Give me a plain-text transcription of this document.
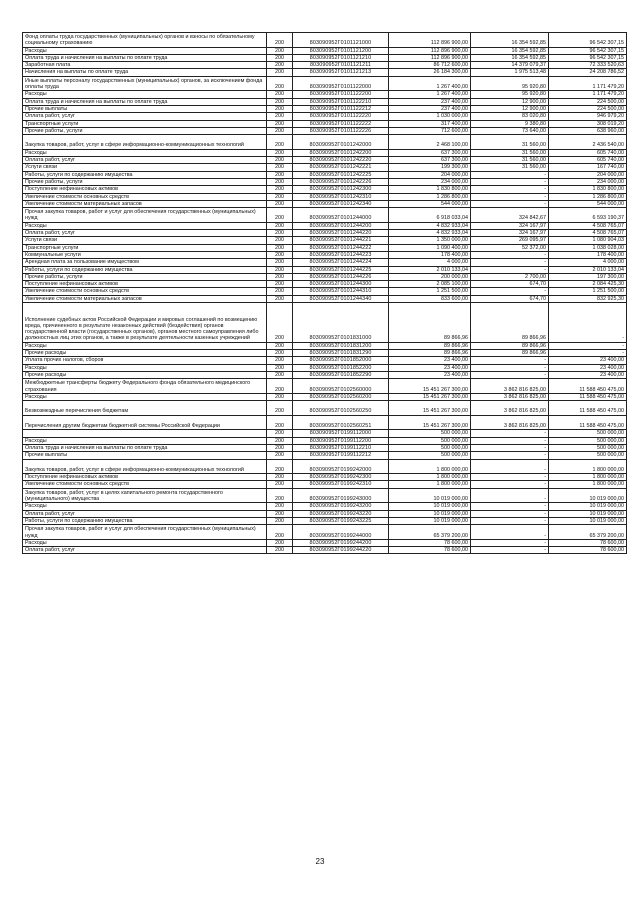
Фонд оплаты труда государственных (муниципальных) органов и взносы по обязательному социальному страхованию	200	803090952Г0101121000	112 896 900,00	16 354 592,85	96 542 307,15
Расходы	200	803090952Г0101121200	112 896 900,00	16 354 592,85	96 542 307,15
Оплата труда и начисления на выплаты по оплате труда	200	803090952Г0101121210	112 896 900,00	16 354 592,85	96 542 307,15
Заработная плата	200	803090952Г0101121211	86 712 600,00	14 379 079,37	72 333 520,63
Начисления на выплаты по оплате труда	200	803090952Г0101121213	26 184 300,00	1 975 513,48	24 208 786,52
Иные выплаты персоналу государственных (муниципальных) органов, за исключением фонда оплаты труда	200	803090952Г0101122000	1 267 400,00	95 920,80	1 171 479,20
Расходы	200	803090952Г0101122200	1 267 400,00	95 920,80	1 171 479,20
Оплата труда и начисления на выплаты по оплате труда	200	803090952Г0101122210	237 400,00	12 900,00	224 500,00
Прочие выплаты	200	803090952Г0101122212	237 400,00	12 900,00	224 500,00
Оплата работ, услуг	200	803090952Г0101122220	1 030 000,00	83 020,80	946 979,20
Транспортные услуги	200	803090952Г0101122222	317 400,00	9 380,80	308 019,20
Прочие работы, услуги	200	803090952Г0101122226	712 600,00	73 640,00	638 960,00
Закупка товаров, работ, услуг в сфере информационно-коммуникационных технологий	200	803090952Г0101242000	2 468 100,00	31 560,00	2 436 540,00
Расходы	200	803090952Г0101242200	637 300,00	31 560,00	605 740,00
Оплата работ, услуг	200	803090952Г0101242220	637 300,00	31 560,00	605 740,00
Услуги связи	200	803090952Г0101242221	199 300,00	31 560,00	167 740,00
Работы, услуги по содержанию имущества	200	803090952Г0101242225	204 000,00	-	204 000,00
Прочие работы, услуги	200	803090952Г0101242226	234 000,00	-	234 000,00
Поступление нефинансовых активов	200	803090952Г0101242300	1 830 800,00	-	1 830 800,00
Увеличение стоимости основных средств	200	803090952Г0101242310	1 286 800,00	-	1 286 800,00
Увеличение стоимости материальных запасов	200	803090952Г0101242340	544 000,00	-	544 000,00
Прочая закупка товаров, работ и услуг для обеспечения государственных (муниципальных) нужд	200	803090952Г0101244000	6 918 033,04	324 842,67	6 593 190,37
Расходы	200	803090952Г0101244200	4 832 933,04	324 167,97	4 508 765,07
Оплата работ, услуг	200	803090952Г0101244220	4 832 933,04	324 167,97	4 508 765,07
Услуги связи	200	803090952Г0101244221	1 350 000,00	269 095,97	1 080 904,03
Транспортные услуги	200	803090952Г0101244222	1 090 400,00	52 372,00	1 038 028,00
Коммунальные услуги	200	803090952Г0101244223	178 400,00	-	178 400,00
Арендная плата за пользование имуществом	200	803090952Г0101244224	4 000,00	-	4 000,00
Работы, услуги по содержанию имущества	200	803090952Г0101244225	2 010 133,04	-	2 010 133,04
Прочие работы, услуги	200	803090952Г0101244226	200 000,00	2 700,00	197 300,00
Поступление нефинансовых активов	200	803090952Г0101244300	2 085 100,00	674,70	2 084 425,30
Увеличение стоимости основных средств	200	803090952Г0101244310	1 251 500,00	-	1 251 500,00
Увеличение стоимости материальных запасов	200	803090952Г0101244340	833 600,00	674,70	832 925,30
Исполнение судебных актов Российской Федерации и мировых соглашений по возмещению вреда, причиненного в результате незаконных действий (бездействия) органов государственной власти (государственных органов), органов местного самоуправления либо должностных лиц этих органов, а также в результате деятельности казенных учреждений	200	803090952Г0101831000	89 866,96	89 866,96	-
Расходы	200	803090952Г0101831200	89 866,96	89 866,96	-
Прочие расходы	200	803090952Г0101831290	89 866,96	89 866,96	-
Уплата прочих налогов, сборов	200	803090952Г0101852000	23 400,00	-	23 400,00
Расходы	200	803090952Г0101852200	23 400,00	-	23 400,00
Прочие расходы	200	803090952Г0101852290	23 400,00	-	23 400,00
Межбюджетные трансферты бюджету Федерального фонда обязательного медицинского страхования	200	803090952Г0102560000	15 451 267 300,00	3 862 816 825,00	11 588 450 475,00
Расходы	200	803090952Г0102560200	15 451 267 300,00	3 862 816 825,00	11 588 450 475,00
Безвозмездные перечисления бюджетам	200	803090952Г0102560250	15 451 267 300,00	3 862 816 825,00	11 588 450 475,00
Перечисления другим бюджетам бюджетной системы Российской Федерации	200	803090952Г0102560251	15 451 267 300,00	3 862 816 825,00	11 588 450 475,00
	200	803090952Г0199112000	500 000,00	-	500 000,00
Расходы	200	803090952Г0199112200	500 000,00	-	500 000,00
Оплата труда и начисления на выплаты по оплате труда	200	803090952Г0199112210	500 000,00	-	500 000,00
Прочие выплаты	200	803090952Г0199112212	500 000,00	-	500 000,00
Закупка товаров, работ, услуг в сфере информационно-коммуникационных технологий	200	803090952Г0199242000	1 800 000,00	-	1 800 000,00
Поступление нефинансовых активов	200	803090952Г0199242300	1 800 000,00	-	1 800 000,00
Увеличение стоимости основных средств	200	803090952Г0199242310	1 800 000,00	-	1 800 000,00
Закупка товаров, работ, услуг в целях капитального ремонта государственного (муниципального) имущества	200	803090952Г0199243000	10 019 000,00	-	10 019 000,00
Расходы	200	803090952Г0199243200	10 019 000,00	-	10 019 000,00
Оплата работ, услуг	200	803090952Г0199243220	10 019 000,00	-	10 019 000,00
Работы, услуги по содержанию имущества	200	803090952Г0199243225	10 019 000,00	-	10 019 000,00
Прочая закупка товаров, работ и услуг для обеспечения государственных (муниципальных) нужд	200	803090952Г0199244000	65 379 200,00	-	65 379 200,00
Расходы	200	803090952Г0199244200	78 600,00	-	78 600,00
Оплата работ, услуг	200	803090952Г0199244220	78 600,00	-	78 600,00
23
